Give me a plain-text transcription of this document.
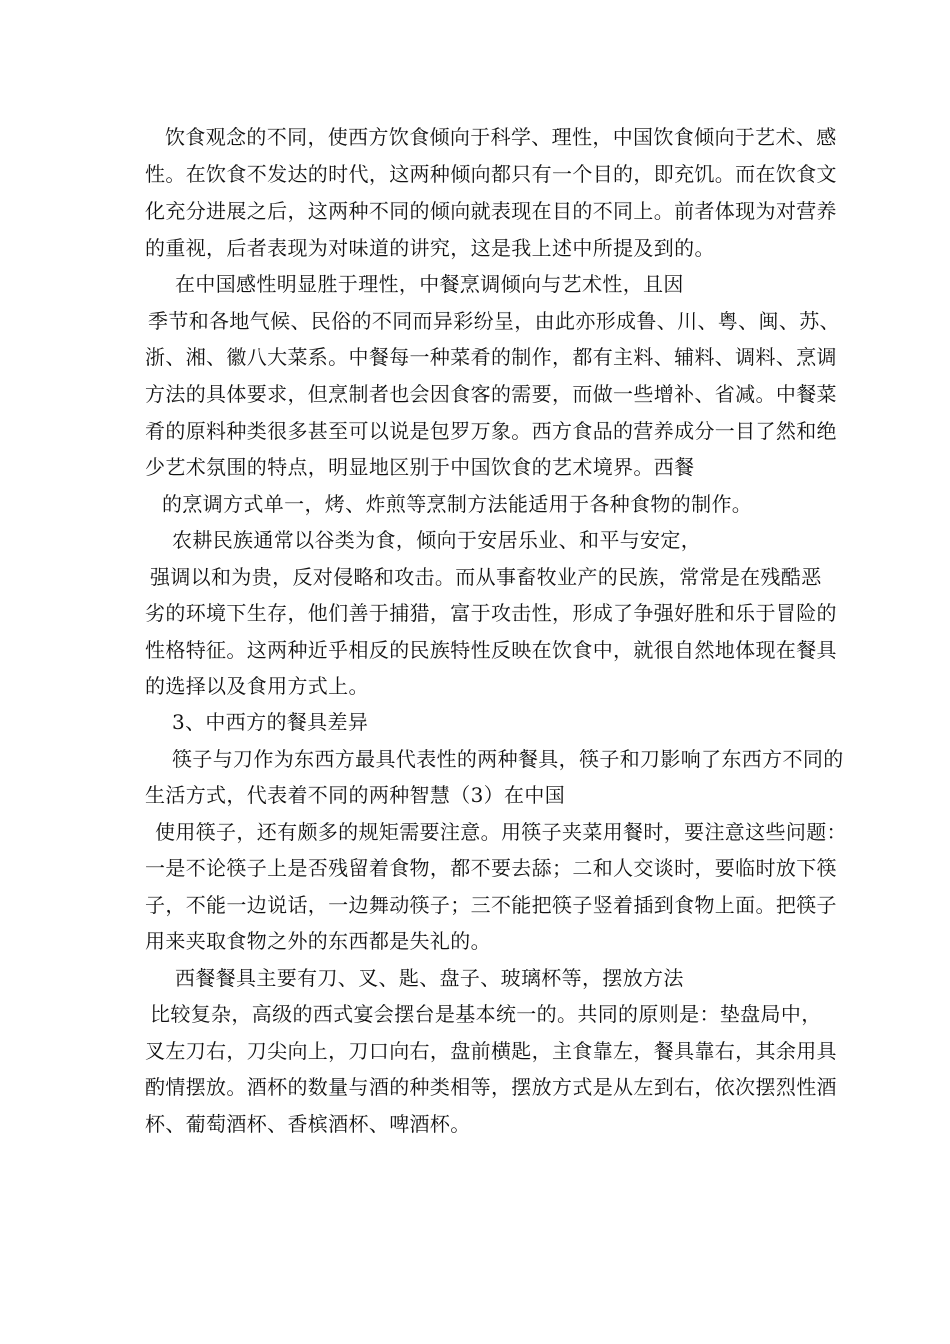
饮食观念的不同，使西方饮食倾向于科学、理性，中国饮食倾向于艺术、感
性。在饮食不发达的时代，这两种倾向都只有一个目的，即充饥。而在饮食文
化充分进展之后，这两种不同的倾向就表现在目的不同上。前者体现为对营养
的重视，后者表现为对味道的讲究，这是我上述中所提及到的。
在中国感性明显胜于理性，中餐烹调倾向与艺术性，且因
季节和各地气候、民俗的不同而异彩纷呈，由此亦形成鲁、川、粤、闽、苏、
浙、湘、徽八大菜系。中餐每一种菜肴的制作，都有主料、辅料、调料、烹调
方法的具体要求，但烹制者也会因食客的需要，而做一些增补、省减。中餐菜
肴的原料种类很多甚至可以说是包罗万象。西方食品的营养成分一目了然和绝
少艺术氛围的特点，明显地区别于中国饮食的艺术境界。西餐
的烹调方式单一，烤、炸煎等烹制方法能适用于各种食物的制作。
农耕民族通常以谷类为食，倾向于安居乐业、和平与安定，
强调以和为贵，反对侵略和攻击。而从事畜牧业产的民族，常常是在残酷恶
劣的环境下生存，他们善于捕猎，富于攻击性，形成了争强好胜和乐于冒险的
性格特征。这两种近乎相反的民族特性反映在饮食中，就很自然地体现在餐具
的选择以及食用方式上。
3、中西方的餐具差异
筷子与刀作为东西方最具代表性的两种餐具，筷子和刀影响了东西方不同的
生活方式，代表着不同的两种智慧（3）在中国
使用筷子，还有颇多的规矩需要注意。用筷子夹菜用餐时，要注意这些问题：
一是不论筷子上是否残留着食物，都不要去舔；二和人交谈时，要临时放下筷
子，不能一边说话，一边舞动筷子；三不能把筷子竖着插到食物上面。把筷子
用来夹取食物之外的东西都是失礼的。
西餐餐具主要有刀、叉、匙、盘子、玻璃杯等，摆放方法
比较复杂，高级的西式宴会摆台是基本统一的。共同的原则是：垫盘局中，
叉左刀右，刀尖向上，刀口向右，盘前横匙，主食靠左，餐具靠右，其余用具
酌情摆放。酒杯的数量与酒的种类相等，摆放方式是从左到右，依次摆烈性酒
杯、葡萄酒杯、香槟酒杯、啤酒杯。
